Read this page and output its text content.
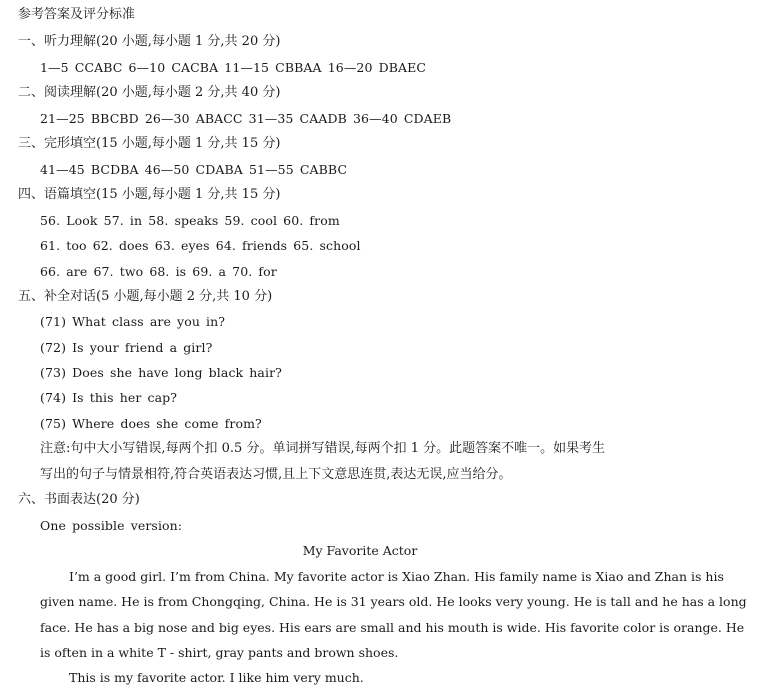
参考答案及评分标准
一、听力理解(20 小题,每小题 1 分,共 20 分)
1—5 CCABC 6—10 CACBA 11—15 CBBAA 16—20 DBAEC
二、阅读理解(20 小题,每小题 2 分,共 40 分)
21—25 BBCBD 26—30 ABACC 31—35 CAADB 36—40 CDAEB
三、完形填空(15 小题,每小题 1 分,共 15 分)
41—45 BCDBA 46—50 CDABA 51—55 CABBC
四、语篇填空(15 小题,每小题 1 分,共 15 分)
56. Look 57. in 58. speaks 59. cool 60. from
61. too 62. does 63. eyes 64. friends 65. school
66. are 67. two 68. is 69. a 70. for
五、补全对话(5 小题,每小题 2 分,共 10 分)
(71) What class are you in?
(72) Is your friend a girl?
(73) Does she have long black hair?
(74) Is this her cap?
(75) Where does she come from?
注意:句中大小写错误,每两个扣 0.5 分。单词拼写错误,每两个扣 1 分。此题答案不唯一。如果考生
写出的句子与情景相符,符合英语表达习惯,且上下文意思连贯,表达无误,应当给分。
六、书面表达(20 分)
One possible version:
My Favorite Actor
I’m a good girl. I’m from China. My favorite actor is Xiao Zhan. His family name is Xiao and Zhan is his
given name. He is from Chongqing, China. He is 31 years old. He looks very young. He is tall and he has a long
face. He has a big nose and big eyes. His ears are small and his mouth is wide. His favorite color is orange. He
is often in a white T - shirt, gray pants and brown shoes.
This is my favorite actor. I like him very much.
